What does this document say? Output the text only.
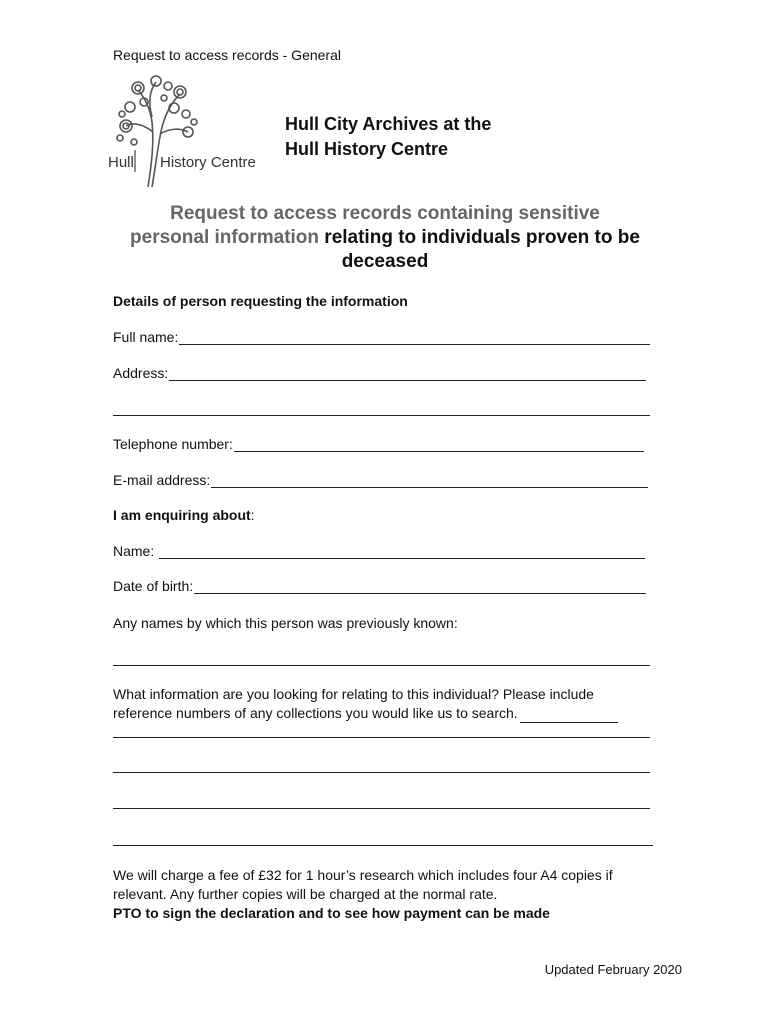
Request to access records - General
Hull History Centre
Hull City Archives at the
Hull History Centre
Request to access records containing sensitive
personal information relating to individuals proven to be deceased
Details of person requesting the information
Full name:
Address:
Telephone number:
E-mail address:
I am enquiring about:
Name:
Date of birth:
Any names by which this person was previously known:
What information are you looking for relating to this individual? Please include
reference numbers of any collections you would like us to search.
We will charge a fee of £32 for 1 hour’s research which includes four A4 copies if
relevant. Any further copies will be charged at the normal rate.
PTO to sign the declaration and to see how payment can be made
Updated February 2020
